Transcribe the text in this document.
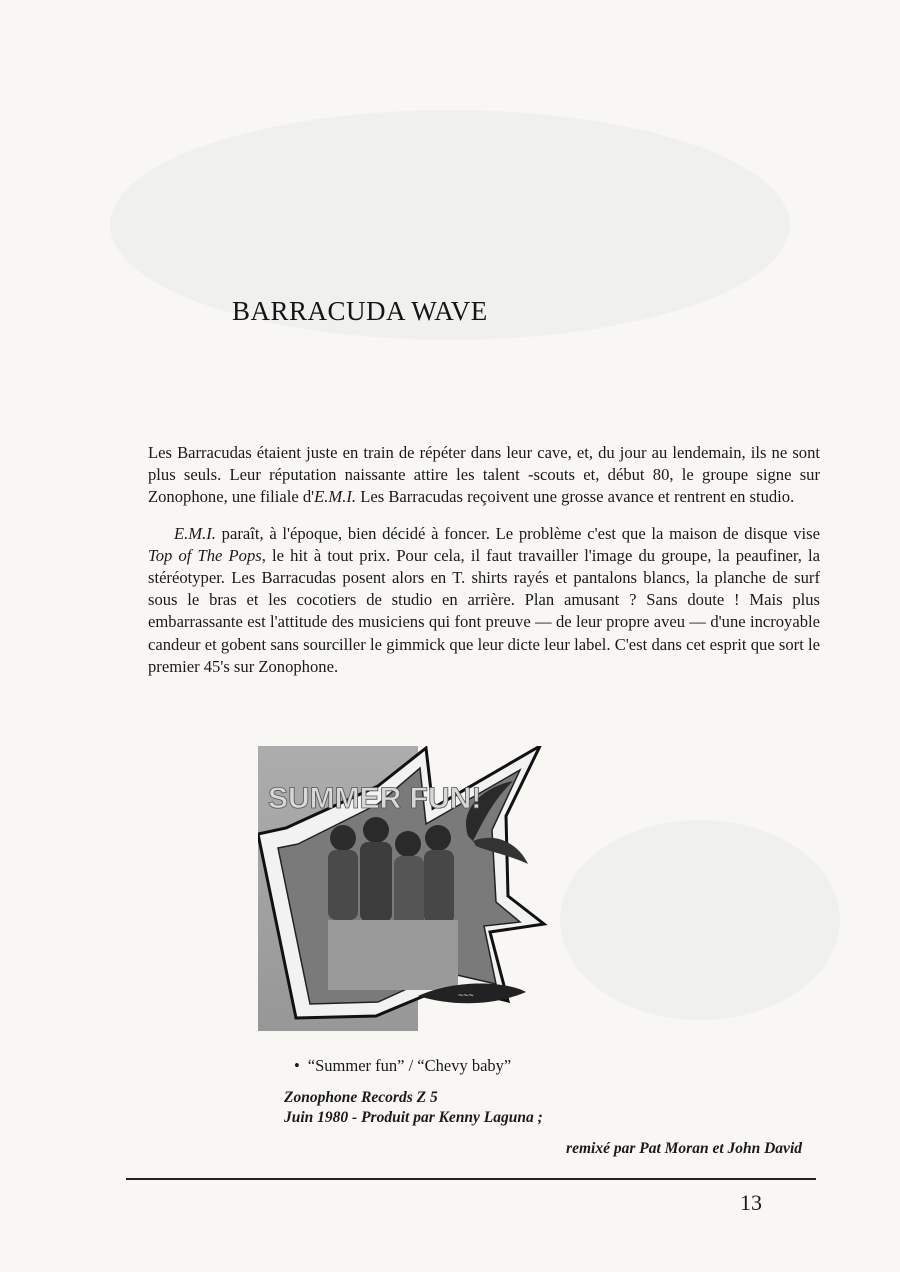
BARRACUDA WAVE

Les Barracudas étaient juste en train de répéter dans leur cave, et, du jour au lendemain, ils ne sont plus seuls. Leur réputation naissante attire les talent -scouts et, début 80, le groupe signe sur Zonophone, une filiale d'E.M.I. Les Barracudas reçoivent une grosse avance et rentrent en studio.

E.M.I. paraît, à l'époque, bien décidé à foncer. Le problème c'est que la maison de disque vise Top of The Pops, le hit à tout prix. Pour cela, il faut travailler l'image du groupe, la peaufiner, la stéréotyper. Les Barracudas posent alors en T. shirts rayés et pantalons blancs, la planche de surf sous le bras et les cocotiers de studio en arrière. Plan amusant ? Sans doute ! Mais plus embarrassante est l'attitude des musiciens qui font preuve — de leur propre aveu — d'une incroyable candeur et gobent sans sourciller le gimmick que leur dicte leur label. C'est dans cet esprit que sort le premier 45's sur Zonophone.

SUMMER FUN!
~~~
• “Summer fun” / “Chevy baby”
Zonophone Records Z 5
Juin 1980 - Produit par Kenny Laguna ;
remixé par Pat Moran et John David
13
